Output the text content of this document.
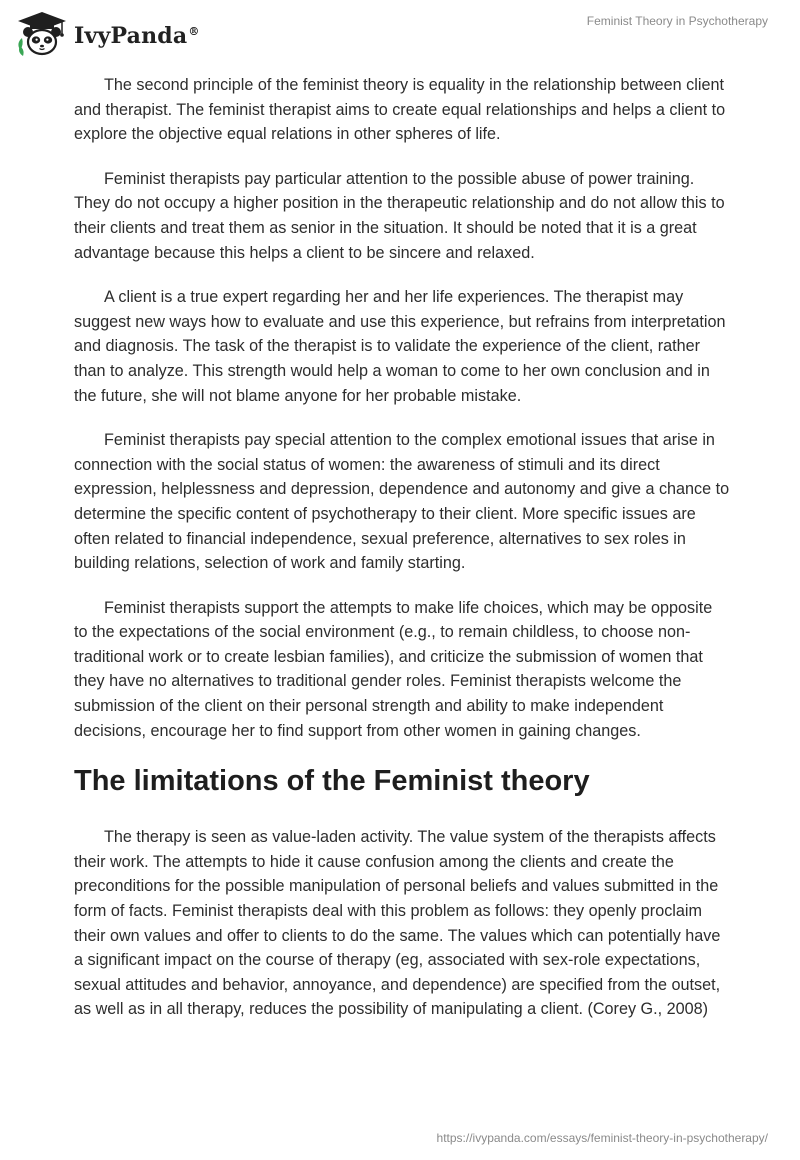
IvyPanda®
Feminist Theory in Psychotherapy

The second principle of the feminist theory is equality in the relationship between client and therapist. The feminist therapist aims to create equal relationships and helps a client to explore the objective equal relations in other spheres of life.

Feminist therapists pay particular attention to the possible abuse of power training. They do not occupy a higher position in the therapeutic relationship and do not allow this to their clients and treat them as senior in the situation. It should be noted that it is a great advantage because this helps a client to be sincere and relaxed.

A client is a true expert regarding her and her life experiences. The therapist may suggest new ways how to evaluate and use this experience, but refrains from interpretation and diagnosis. The task of the therapist is to validate the experience of the client, rather than to analyze. This strength would help a woman to come to her own conclusion and in the future, she will not blame anyone for her probable mistake.

Feminist therapists pay special attention to the complex emotional issues that arise in connection with the social status of women: the awareness of stimuli and its direct expression, helplessness and depression, dependence and autonomy and give a chance to determine the specific content of psychotherapy to their client. More specific issues are often related to financial independence, sexual preference, alternatives to sex roles in building relations, selection of work and family starting.

Feminist therapists support the attempts to make life choices, which may be opposite to the expectations of the social environment (e.g., to remain childless, to choose non-traditional work or to create lesbian families), and criticize the submission of women that they have no alternatives to traditional gender roles. Feminist therapists welcome the submission of the client on their personal strength and ability to make independent decisions, encourage her to find support from other women in gaining changes.

The limitations of the Feminist theory

The therapy is seen as value-laden activity. The value system of the therapists affects their work. The attempts to hide it cause confusion among the clients and create the preconditions for the possible manipulation of personal beliefs and values submitted in the form of facts. Feminist therapists deal with this problem as follows: they openly proclaim their own values and offer to clients to do the same. The values which can potentially have a significant impact on the course of therapy (eg, associated with sex-role expectations, sexual attitudes and behavior, annoyance, and dependence) are specified from the outset, as well as in all therapy, reduces the possibility of manipulating a client. (Corey G., 2008)

https://ivypanda.com/essays/feminist-theory-in-psychotherapy/
